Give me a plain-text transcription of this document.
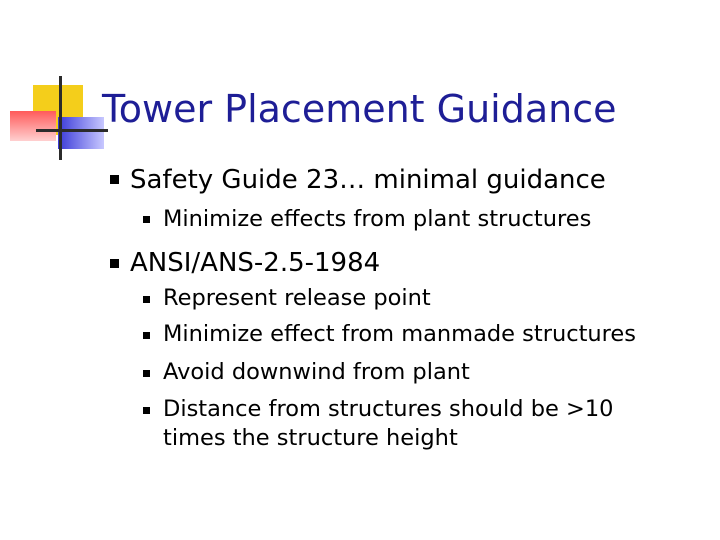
Tower Placement Guidance
Safety Guide 23… minimal guidance
Minimize effects from plant structures
ANSI/ANS-2.5-1984
Represent release point
Minimize effect from manmade structures
Avoid downwind from plant
Distance from structures should be >10
times the structure height
